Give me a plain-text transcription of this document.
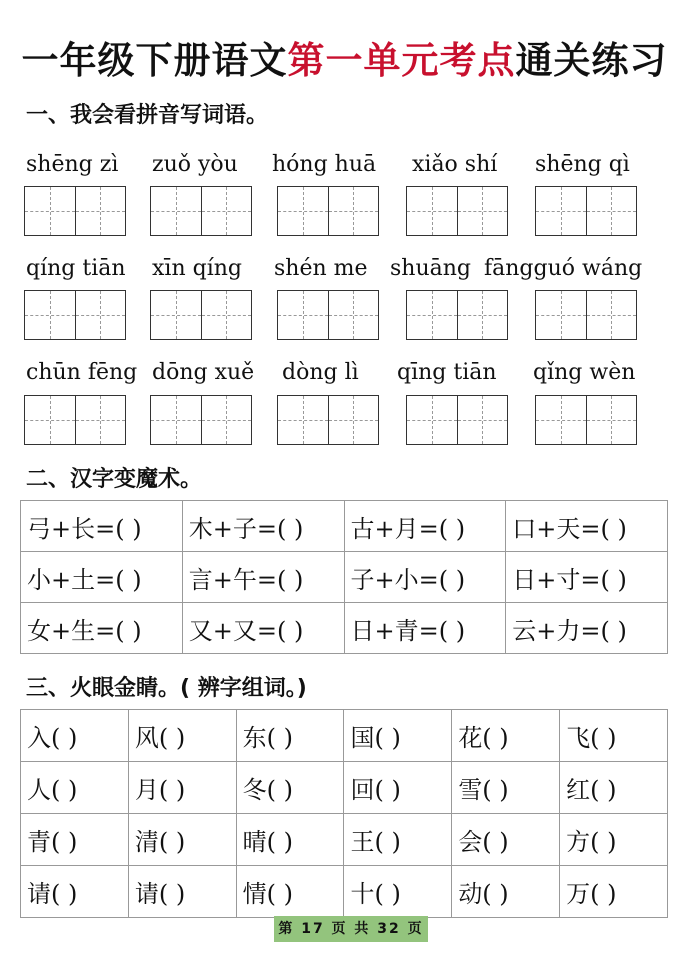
一年级下册语文第一单元考点通关练习
一、我会看拼音写词语。
shēng zì zuǒ yòu hóng huā xiǎo shí shēng qì
qíng tiān xīn qíng shén me shuāng fāngguó wáng
chūn fēng dōng xuě dòng lì qīng tiān qǐng wèn
二、汉字变魔术。
弓+长=( )	木+子=( )	古+月=( )	口+天=( )
小+土=( )	言+午=( )	子+小=( )	日+寸=( )
女+生=( )	又+又=( )	日+青=( )	云+力=( )
三、火眼金睛。( 辨字组词。)
入( )	风( )	东( )	国( )	花( )	飞( )
人( )	月( )	冬( )	回( )	雪( )	红( )
青( )	清( )	晴( )	王( )	会( )	方( )
请( )	请( )	情( )	十( )	动( )	万( )
第 17 页 共 32 页
